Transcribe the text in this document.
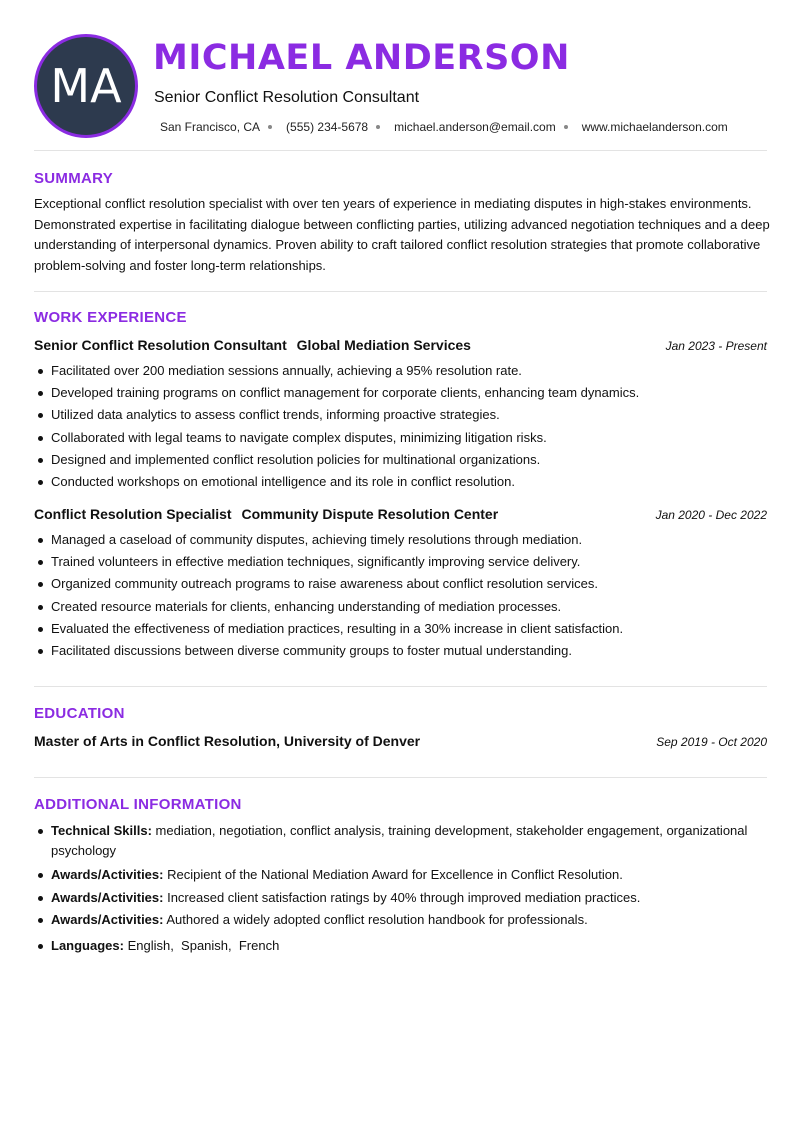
MA
MICHAEL ANDERSON
Senior Conflict Resolution Consultant
San Francisco, CA (555) 234-5678 michael.anderson@email.com www.michaelanderson.com
SUMMARY
Exceptional conflict resolution specialist with over ten years of experience in mediating disputes in high-stakes environments. Demonstrated expertise in facilitating dialogue between conflicting parties, utilizing advanced negotiation techniques and a deep understanding of interpersonal dynamics. Proven ability to craft tailored conflict resolution strategies that promote collaborative problem-solving and foster long-term relationships.
WORK EXPERIENCE
Senior Conflict Resolution Consultant Global Mediation Services	Jan 2023 - Present
Facilitated over 200 mediation sessions annually, achieving a 95% resolution rate.
Developed training programs on conflict management for corporate clients, enhancing team dynamics.
Utilized data analytics to assess conflict trends, informing proactive strategies.
Collaborated with legal teams to navigate complex disputes, minimizing litigation risks.
Designed and implemented conflict resolution policies for multinational organizations.
Conducted workshops on emotional intelligence and its role in conflict resolution.
Conflict Resolution Specialist Community Dispute Resolution Center	Jan 2020 - Dec 2022
Managed a caseload of community disputes, achieving timely resolutions through mediation.
Trained volunteers in effective mediation techniques, significantly improving service delivery.
Organized community outreach programs to raise awareness about conflict resolution services.
Created resource materials for clients, enhancing understanding of mediation processes.
Evaluated the effectiveness of mediation practices, resulting in a 30% increase in client satisfaction.
Facilitated discussions between diverse community groups to foster mutual understanding.
EDUCATION
Master of Arts in Conflict Resolution, University of Denver	Sep 2019 - Oct 2020
ADDITIONAL INFORMATION
Technical Skills: mediation, negotiation, conflict analysis, training development, stakeholder engagement, organizational psychology
Awards/Activities: Recipient of the National Mediation Award for Excellence in Conflict Resolution.
Awards/Activities: Increased client satisfaction ratings by 40% through improved mediation practices.
Awards/Activities: Authored a widely adopted conflict resolution handbook for professionals.
Languages: English,  Spanish,  French
